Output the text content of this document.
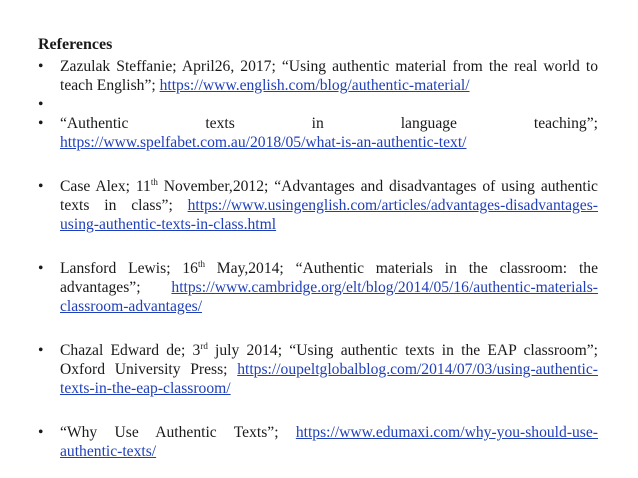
References
• Zazulak Steffanie; April26, 2017; “Using authentic material from the real world to teach English”; https://www.english.com/blog/authentic-material/
•

• “Authentic	texts	in	language	teaching”;
https://www.spelfabet.com.au/2018/05/what-is-an-authentic-text/
• Case Alex; 11th November,2012; “Advantages and disadvantages of using authentic texts in class”; https://www.usingenglish.com/articles/advantages-disadvantages-using-authentic-texts-in-class.html
• Lansford Lewis; 16th May,2014; “Authentic materials in the classroom: the advantages”; https://www.cambridge.org/elt/blog/2014/05/16/authentic-materials-classroom-advantages/
• Chazal Edward de; 3rd july 2014; “Using authentic texts in the EAP classroom”; Oxford University Press; https://oupeltglobalblog.com/2014/07/03/using-authentic-texts-in-the-eap-classroom/
• “Why Use Authentic Texts”; https://www.edumaxi.com/why-you-should-use-authentic-texts/
